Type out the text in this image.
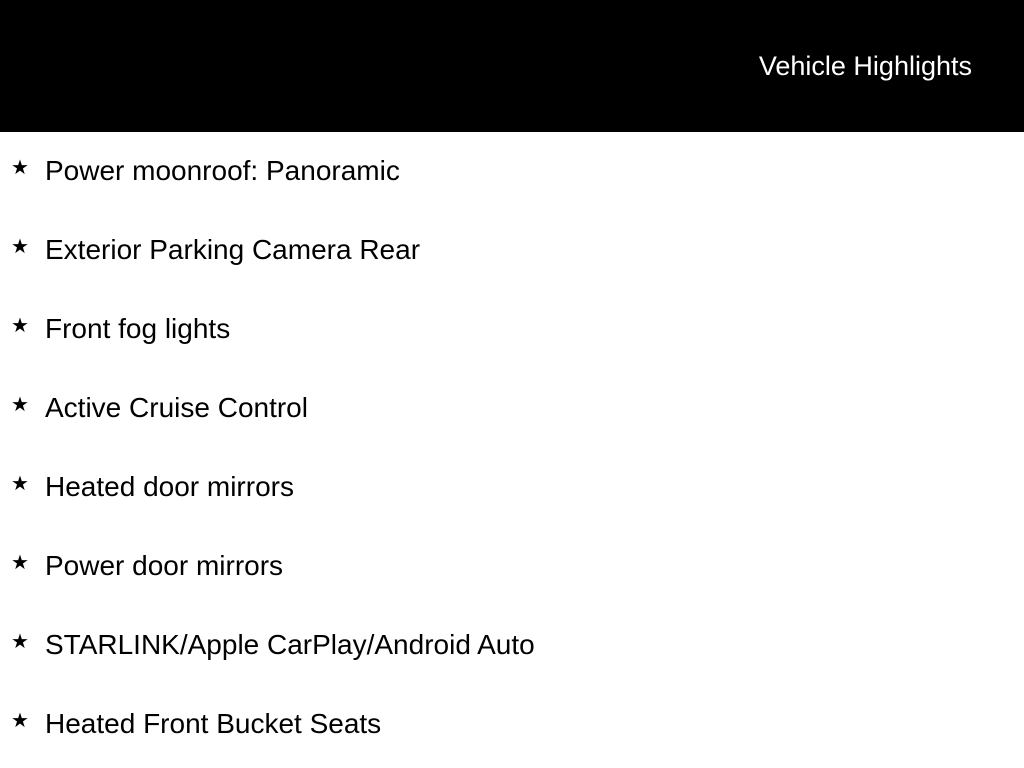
Vehicle Highlights
★ Power moonroof: Panoramic
★ Exterior Parking Camera Rear
★ Front fog lights
★ Active Cruise Control
★ Heated door mirrors
★ Power door mirrors
★ STARLINK/Apple CarPlay/Android Auto
★ Heated Front Bucket Seats
